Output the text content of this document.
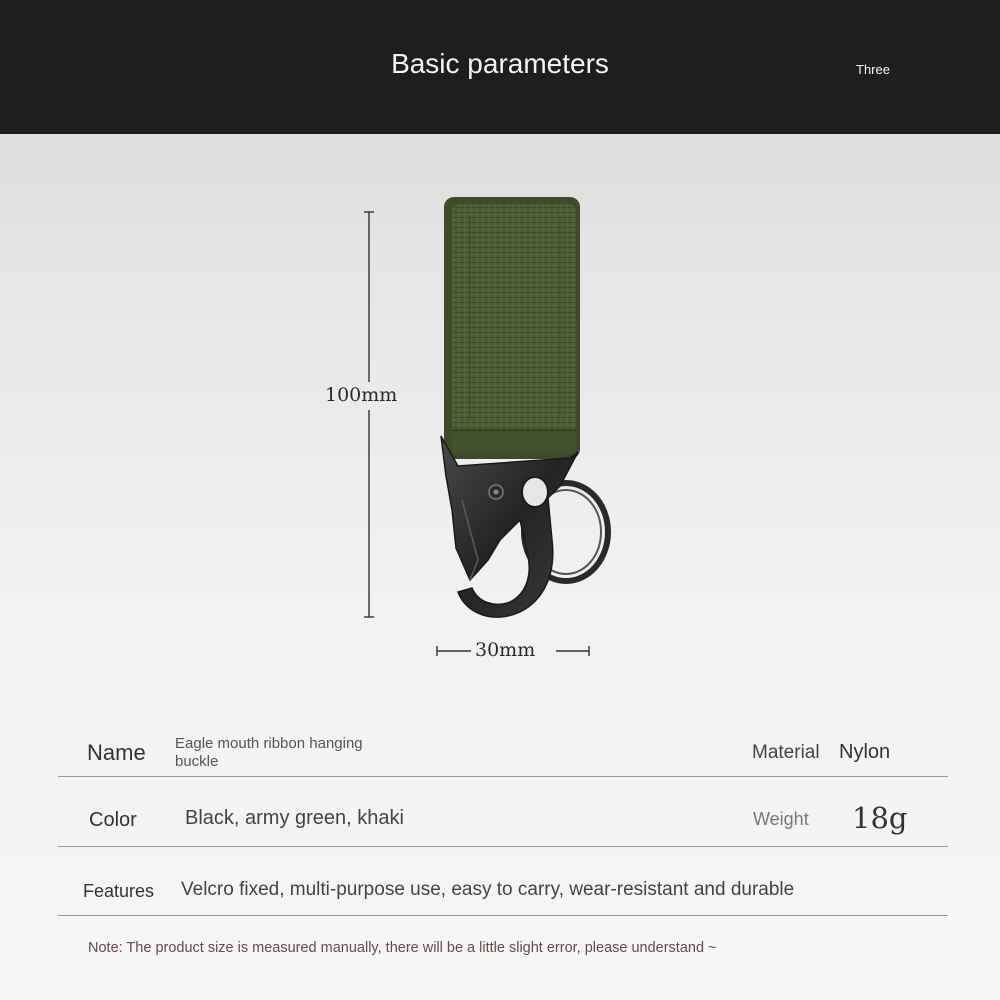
Basic parameters	Three
100mm
30mm
Name Eagle mouth ribbon hanging
buckle	Material Nylon
Color Black, army green, khaki	Weight 18g
Features Velcro fixed, multi-purpose use, easy to carry, wear-resistant and durable
Note: The product size is measured manually, there will be a little slight error, please understand ~
